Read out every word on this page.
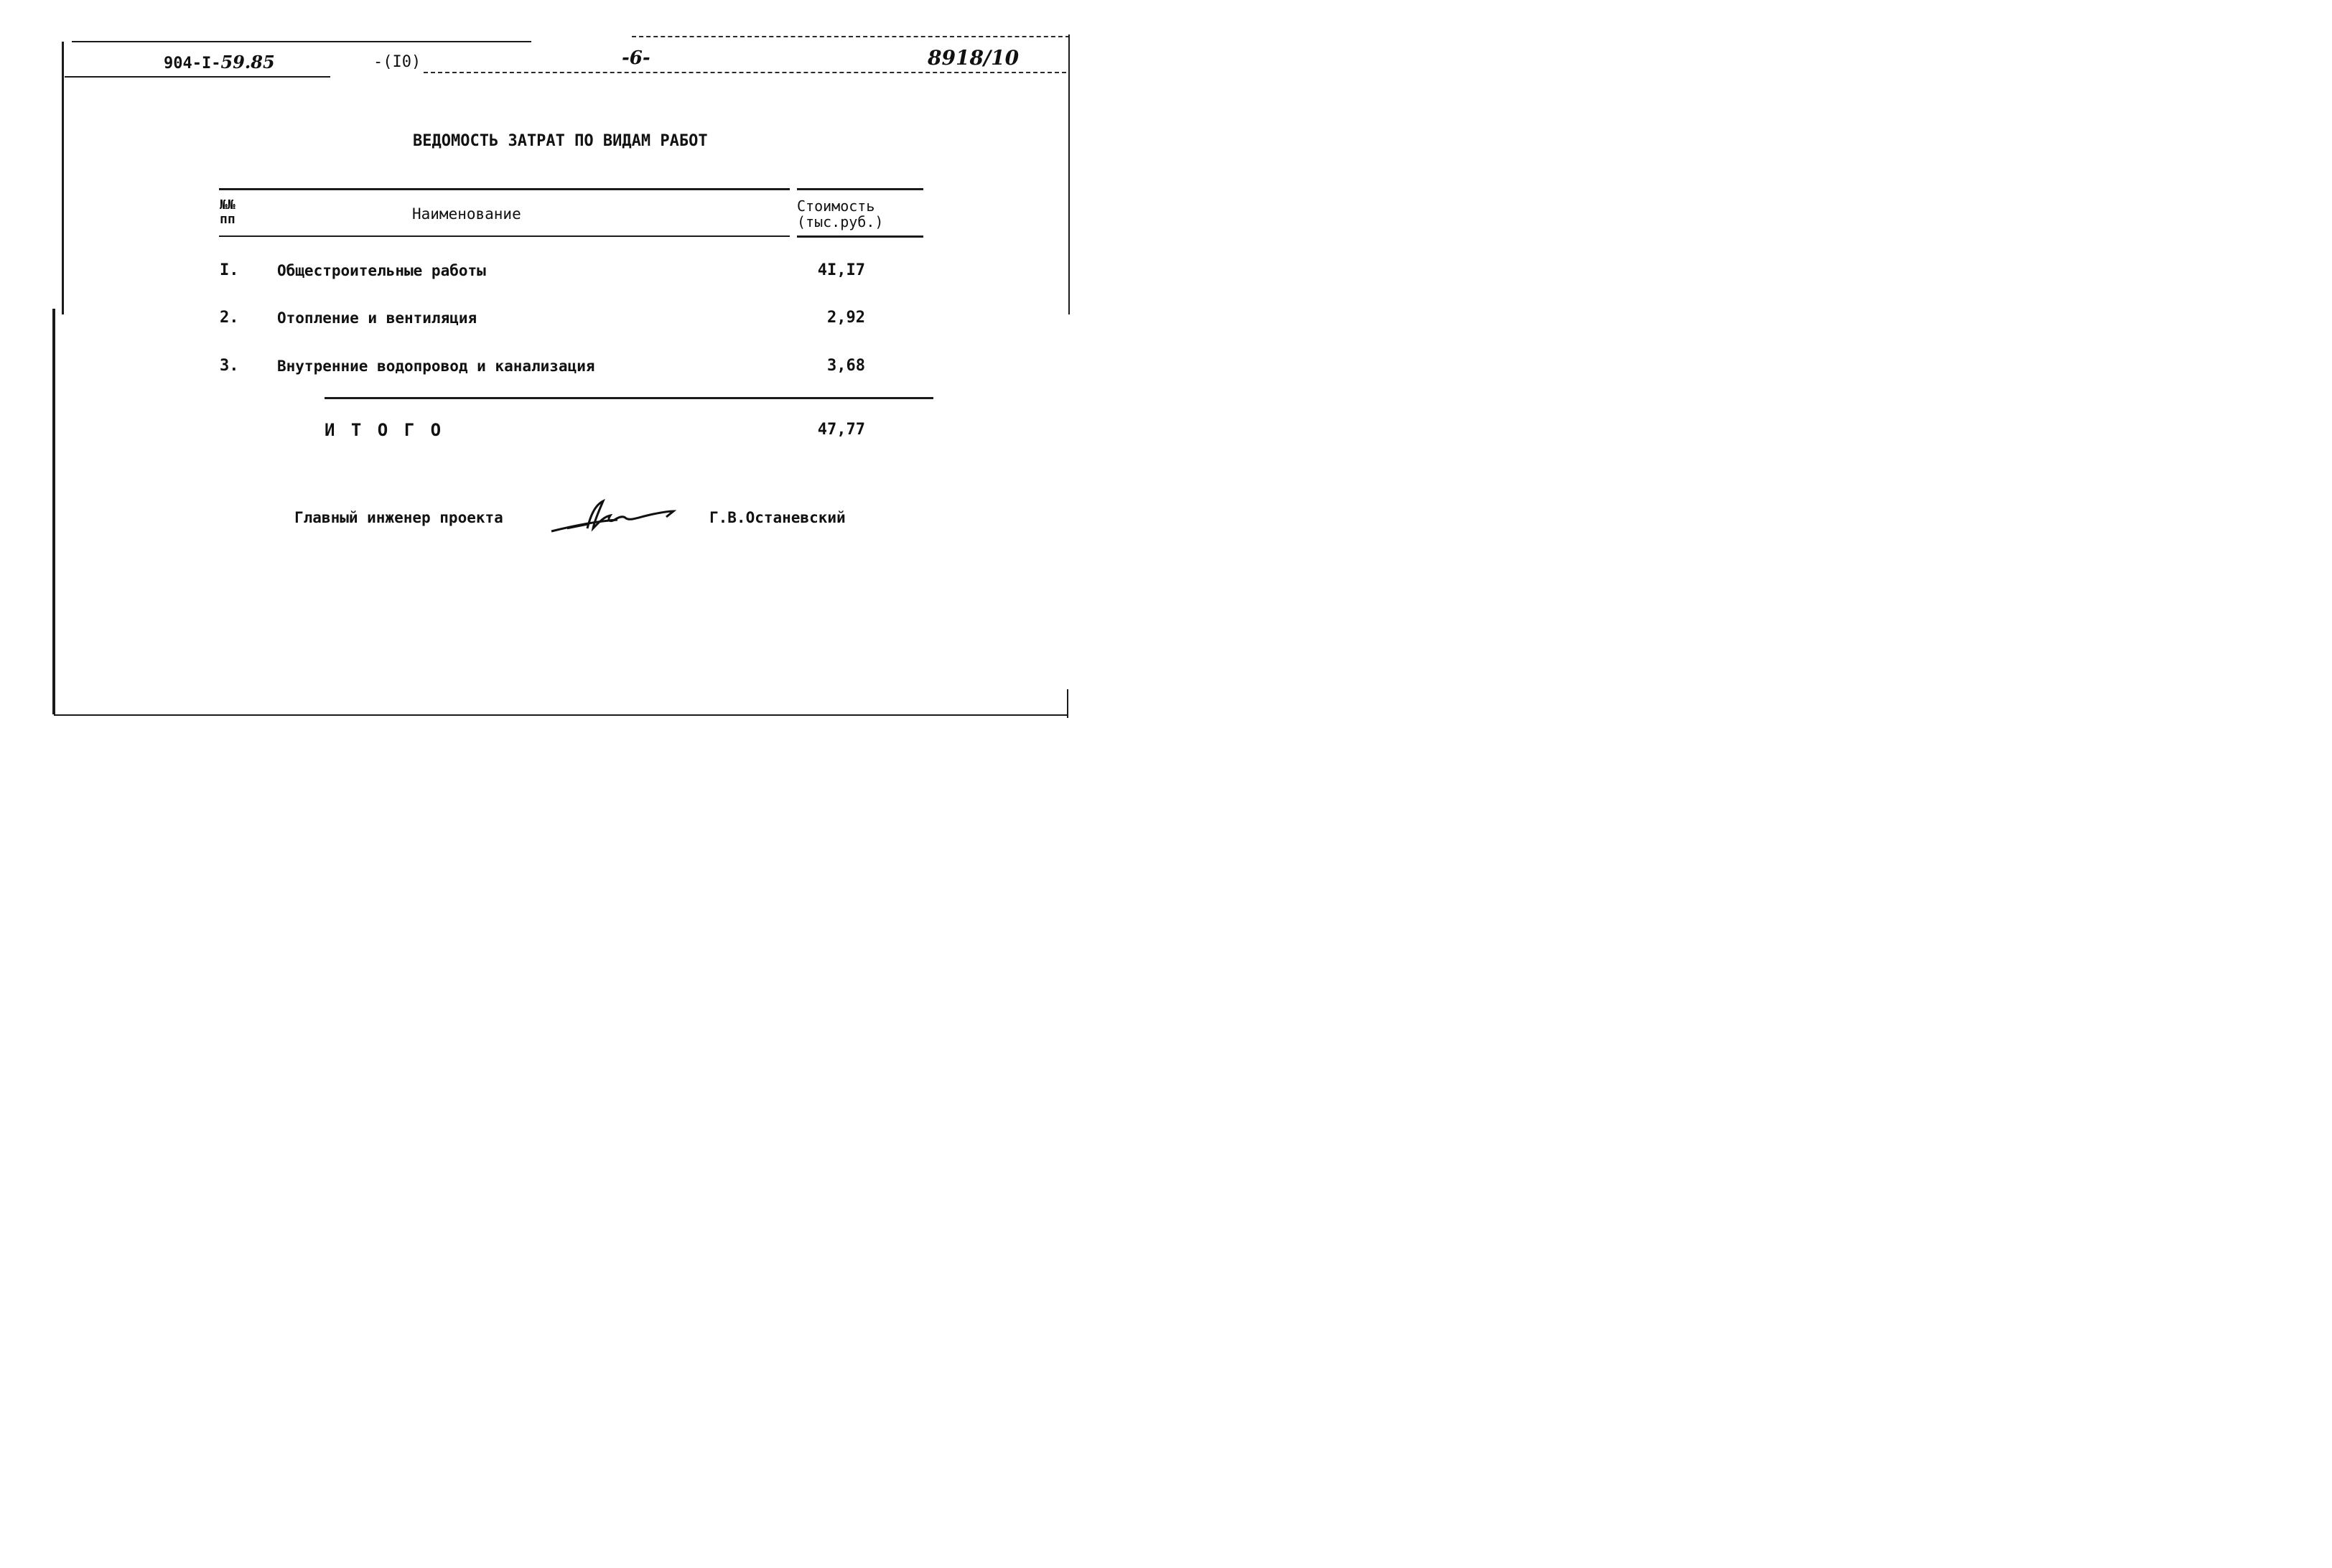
904-I-59.85	-(I0)	-6-	8918/10
ВЕДОМОСТЬ ЗАТРАТ ПО ВИДАМ РАБОТ
№№
пп	Наименование	Стоимость
(тыс.руб.)
I.	Общестроительные работы	4I,I7
2.	Отопление и вентиляция	2,92
3.	Внутренние водопровод и канализация	3,68
И Т О Г О	47,77
Главный инженер проекта	Г.В.Останевский
